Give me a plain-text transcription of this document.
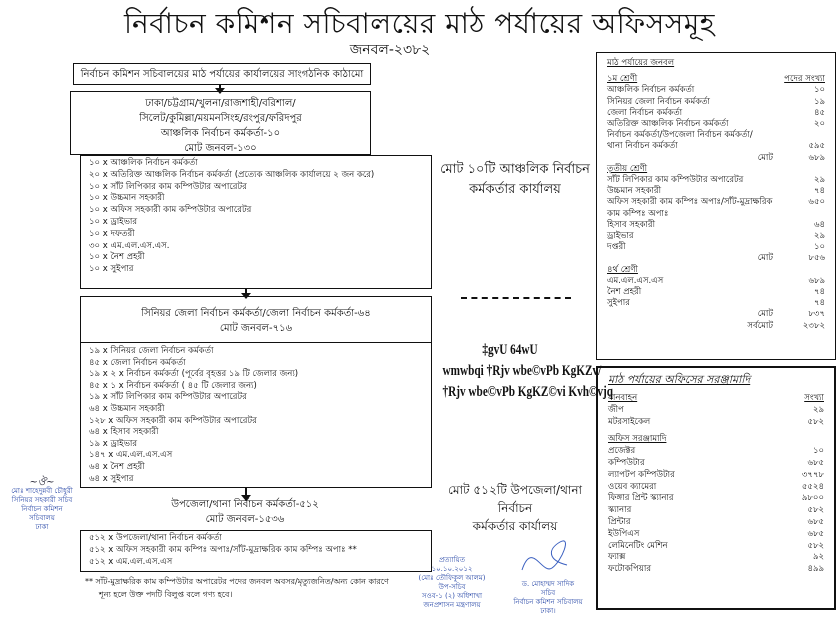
নির্বাচন কমিশন সচিবালয়ের মাঠ পর্যায়ের অফিসসমূহ
জনবল-২৩৮২
নির্বাচন কমিশন সচিবালয়ের মাঠ পর্যায়ের কার্যালয়ের সাংগঠনিক কাঠামো
ঢাকা/চট্টগ্রাম/খুলনা/রাজশাহী/বরিশাল/
সিলেট/কুমিল্লা/ময়মনসিংহ/রংপুর/ফরিদপুর
আঞ্চলিক নির্বাচন কর্মকর্তা-১০
মোট জনবল-১৩০
১০ x আঞ্চলিক নির্বাচন কর্মকর্তা
২০ x অতিরিক্ত আঞ্চলিক নির্বাচন কর্মকর্তা (প্রত্যেক আঞ্চলিক কার্যালয়ে ২ জন করে)
১০ x সাঁট লিপিকার কাম কম্পিউটার অপারেটর
১০ x উচ্চমান সহকারী
১০ x অফিস সহকারী কাম কম্পিউটার অপারেটর
১০ x ড্রাইভার
১০ x দফতরী
৩০ x এম.এল.এস.এস.
১০ x নৈশ প্রহরী
১০ x সুইপার
সিনিয়র জেলা নির্বাচন কর্মকর্তা/জেলা নির্বাচন কর্মকর্তা-৬৪
মোট জনবল-৭১৬
১৯ x সিনিয়র জেলা নির্বাচন কর্মকর্তা
৪৫ x জেলা নির্বাচন কর্মকর্তা
১৯ x ২ x নির্বাচন কর্মকর্তা (পূর্বের বৃহত্তর ১৯ টি জেলার জন্য)
৪৫ x ১ x নির্বাচন কর্মকর্তা ( ৪৫ টি জেলার জন্য)
১৯ x সাঁট লিপিকার কাম কম্পিউটার অপারেটর
৬৪ x উচ্চমান সহকারী
১২৮ x অফিস সহকারী কাম কম্পিউটার অপারেটর
৬৪ x হিসাব সহকারী
১৯ x ড্রাইভার
১৪৭ x এম.এল.এস.এস
৬৪ x নৈশ প্রহরী
৬৪ x সুইপার
উপজেলা/থানা নির্বাচন কর্মকর্তা-৫১২
মোট জনবল-১৫৩৬
৫১২ x উপজেলা/থানা নির্বাচন কর্মকর্তা
৫১২ x অফিস সহকারী কাম কম্পিঃ অপাঃ/সাঁট-মুদ্রাক্ষরিক কাম কম্পিঃ অপাঃ **
৫১২ x এম.এল.এস.এস
** সাঁট-মুদ্রাক্ষরিক কাম কম্পিউটার অপারেটর পদের জনবল অবসর/মৃত্যুজনিত/অন্য কোন কারণে
শূন্য হলে উক্ত পদটি বিলুপ্ত বলে গণ্য হবে।
মোট ১০টি আঞ্চলিক নির্বাচন
কর্মকর্তার কার্যালয়
‡gvU 64wU
wmwbqi †Rjv wbe©vPb KgKZv/
†Rjv wbe©vPb KgKZ©vi Kvh©vjq
মোট ৫১২টি উপজেলা/থানা নির্বাচন
কর্মকর্তার কার্যালয়
মাঠ পর্যায়ের জনবল
১ম শ্রেণী	পদের সংখ্যা
আঞ্চলিক নির্বাচন কর্মকর্তা	১০
সিনিয়র জেলা নির্বাচন কর্মকর্তা	১৯
জেলা নির্বাচন কর্মকর্তা	৪৫
অতিরিক্ত আঞ্চলিক নির্বাচন কর্মকর্তা	২০
নির্বাচন কর্মকর্তা/উপজেলা নির্বাচন কর্মকর্তা/
থানা নির্বাচন কর্মকর্তা	৫৯৫
মোট	৬৮৯
তৃতীয় শ্রেণী
সাঁট লিপিকার কাম কম্পিউটার অপারেটর	২৯
উচ্চমান সহকারী	৭৪
অফিস সহকারী কাম কম্পিঃ অপাঃ/সাঁট-মুদ্রাক্ষরিক কাম কম্পিঃ অপাঃ
৬৫০
হিসাব সহকারী	৬৪
ড্রাইভার	২৯
দপ্তরী	১০
মোট	৮৫৬
৪র্থ শ্রেণী
এম.এল.এস.এস	৬৮৯
নৈশ প্রহরী	৭৪
সুইপার	৭৪
মোট	৮৩৭
সর্বমোট	২৩৮২
মাঠ পর্যায়ের অফিসের সরঞ্জামাদি
যানবাহন	সংখ্যা
জীপ	২৯
মটরসাইকেল	৫৮২
অফিস সরঞ্জামাদি
প্রজেক্টর	১০
কম্পিউটার	৬৮৫
ল্যাপটপ কম্পিউটার	৩৭৭৮
ওয়েব ক্যামেরা	৫৫২৪
ফিঙ্গার প্রিন্ট স্ক্যানার	৯৮০০
স্ক্যানার	৫৮২
প্রিন্টার	৬৮৫
ইউপিএস	৬৮৫
লেমিনেটিং মেশিন	৫৮২
ফ্যাক্স	৯২
ফটোকপিয়ার	৪৯৯
~ঔ~
মোঃ শাহেদুন্নবী চৌধুরী
সিনিয়র সহকারী সচিব
নির্বাচন কমিশন সচিবালয়
ঢাকা
প্রত্যায়িত
১০.১০.২০১২
(মোঃ তৌফিকুল আলম)
উপ-সচিব
সওব-১ (২) অধিশাখা
জনপ্রশাসন মন্ত্রণালয়
ড. মোহাম্মদ সাদিক
সচিব
নির্বাচন কমিশন সচিবালয়
ঢাকা।
